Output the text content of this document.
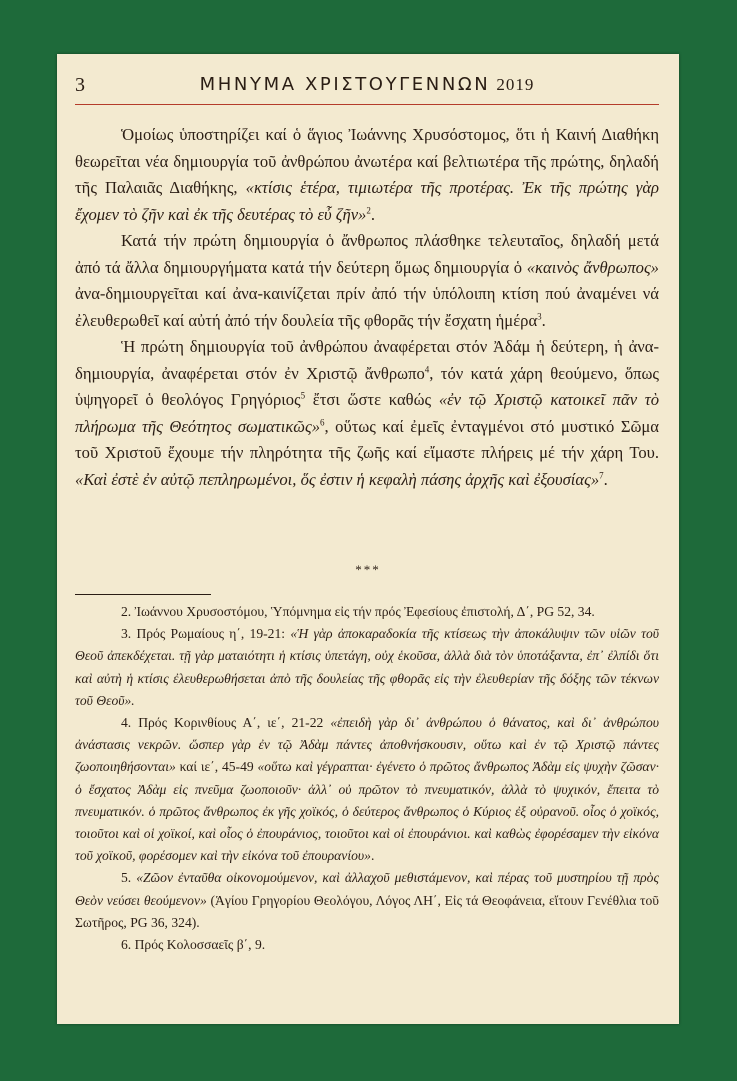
3	ΜΗΝΥΜΑ ΧΡΙΣΤΟΥΓΕΝΝΩΝ 2019

Ὁμοίως ὑποστηρίζει καί ὁ ἅγιος Ἰωάννης Χρυσόστομος, ὅτι ἡ Καινή Διαθήκη θεωρεῖται νέα δημιουργία τοῦ ἀνθρώπου ἀνωτέρα καί βελτιωτέρα τῆς πρώτης, δηλαδή τῆς Παλαιᾶς Διαθήκης, «κτίσις ἑτέρα, τιμιωτέρα τῆς προτέρας. Ἐκ τῆς πρώτης γὰρ ἔχομεν τὸ ζῆν καὶ ἐκ τῆς δευτέρας τὸ εὖ ζῆν»$^2$.

Κατά τήν πρώτη δημιουργία ὁ ἄνθρωπος πλάσθηκε τελευταῖος, δηλαδή μετά ἀπό τά ἄλλα δημιουργήματα κατά τήν δεύτερη ὅμως δημιουργία ὁ «καινὸς ἄνθρωπος» ἀνα-δημιουργεῖται καί ἀνα-καινίζεται πρίν ἀπό τήν ὑπόλοιπη κτίση πού ἀναμένει νά ἐλευθερωθεῖ καί αὐτή ἀπό τήν δουλεία τῆς φθορᾶς τήν ἔσχατη ἡμέρα$^3$.

Ἡ πρώτη δημιουργία τοῦ ἀνθρώπου ἀναφέρεται στόν Ἀδάμ ἡ δεύτερη, ἡ ἀνα-δημιουργία, ἀναφέρεται στόν ἐν Χριστῷ ἄνθρωπο$^4$, τόν κατά χάρη θεούμενο, ὅπως ὑψηγορεῖ ὁ θεολόγος Γρηγόριος$^5$ ἔτσι ὥστε καθώς «ἐν τῷ Χριστῷ κατοικεῖ πᾶν τὸ πλήρωμα τῆς Θεότητος σωματικῶς»$^6$, οὕτως καί ἐμεῖς ἐνταγμένοι στό μυστικό Σῶμα τοῦ Χριστοῦ ἔχουμε τήν πληρότητα τῆς ζωῆς καί εἴμαστε πλήρεις μέ τήν χάρη Του. «Καὶ ἐστὲ ἐν αὐτῷ πεπληρωμένοι, ὅς ἐστιν ἡ κεφαλὴ πάσης ἀρχῆς καὶ ἐξουσίας»$^7$.

***

2. Ἰωάννου Χρυσοστόμου, Ὑπόμνημα εἰς τήν πρός Ἐφεσίους ἐπιστολή, Δ΄, PG 52, 34.

3. Πρός Ρωμαίους η΄, 19-21: «Ἡ γὰρ ἀποκαραδοκία τῆς κτίσεως τὴν ἀποκάλυψιν τῶν υἱῶν τοῦ Θεοῦ ἀπεκδέχεται. τῇ γὰρ ματαιότητι ἡ κτίσις ὑπετάγη, οὐχ ἑκοῦσα, ἀλλὰ διὰ τὸν ὑποτάξαντα, ἐπ᾿ ἐλπίδι ὅτι καὶ αὐτὴ ἡ κτίσις ἐλευθερωθήσεται ἀπὸ τῆς δουλείας τῆς φθορᾶς εἰς τὴν ἐλευθερίαν τῆς δόξης τῶν τέκνων τοῦ Θεοῦ».

4. Πρός Κορινθίους Α΄, ιε΄, 21-22 «ἐπειδὴ γὰρ δι᾿ ἀνθρώπου ὁ θάνατος, καὶ δι᾿ ἀνθρώπου ἀνάστασις νεκρῶν. ὥσπερ γὰρ ἐν τῷ Ἀδὰμ πάντες ἀποθνήσκουσιν, οὕτω καὶ ἐν τῷ Χριστῷ πάντες ζωοποιηθήσονται» καί ιε΄, 45-49 «οὕτω καὶ γέγραπται· ἐγένετο ὁ πρῶτος ἄνθρωπος Ἀδὰμ εἰς ψυχὴν ζῶσαν· ὁ ἔσχατος Ἀδὰμ εἰς πνεῦμα ζωοποιοῦν· ἀλλ᾿ οὐ πρῶτον τὸ πνευματικόν, ἀλλὰ τὸ ψυχικόν, ἔπειτα τὸ πνευματικόν. ὁ πρῶτος ἄνθρωπος ἐκ γῆς χοϊκός, ὁ δεύτερος ἄνθρωπος ὁ Κύριος ἐξ οὐρανοῦ. οἷος ὁ χοϊκός, τοιοῦτοι καὶ οἱ χοϊκοί, καὶ οἷος ὁ ἐπουράνιος, τοιοῦτοι καὶ οἱ ἐπουράνιοι. καὶ καθὼς ἐφορέσαμεν τὴν εἰκόνα τοῦ χοϊκοῦ, φορέσομεν καὶ τὴν εἰκόνα τοῦ ἐπουρανίου».

5. «Ζῶον ἐνταῦθα οἰκονομούμενον, καὶ ἀλλαχοῦ μεθιστάμενον, καὶ πέρας τοῦ μυστηρίου τῇ πρὸς Θεὸν νεύσει θεούμενον» (Ἁγίου Γρηγορίου Θεολόγου, Λόγος ΛΗ΄, Εἰς τά Θεοφάνεια, εἴτουν Γενέθλια τοῦ Σωτῆρος, PG 36, 324).

6. Πρός Κολοσσαεῖς β΄, 9.
